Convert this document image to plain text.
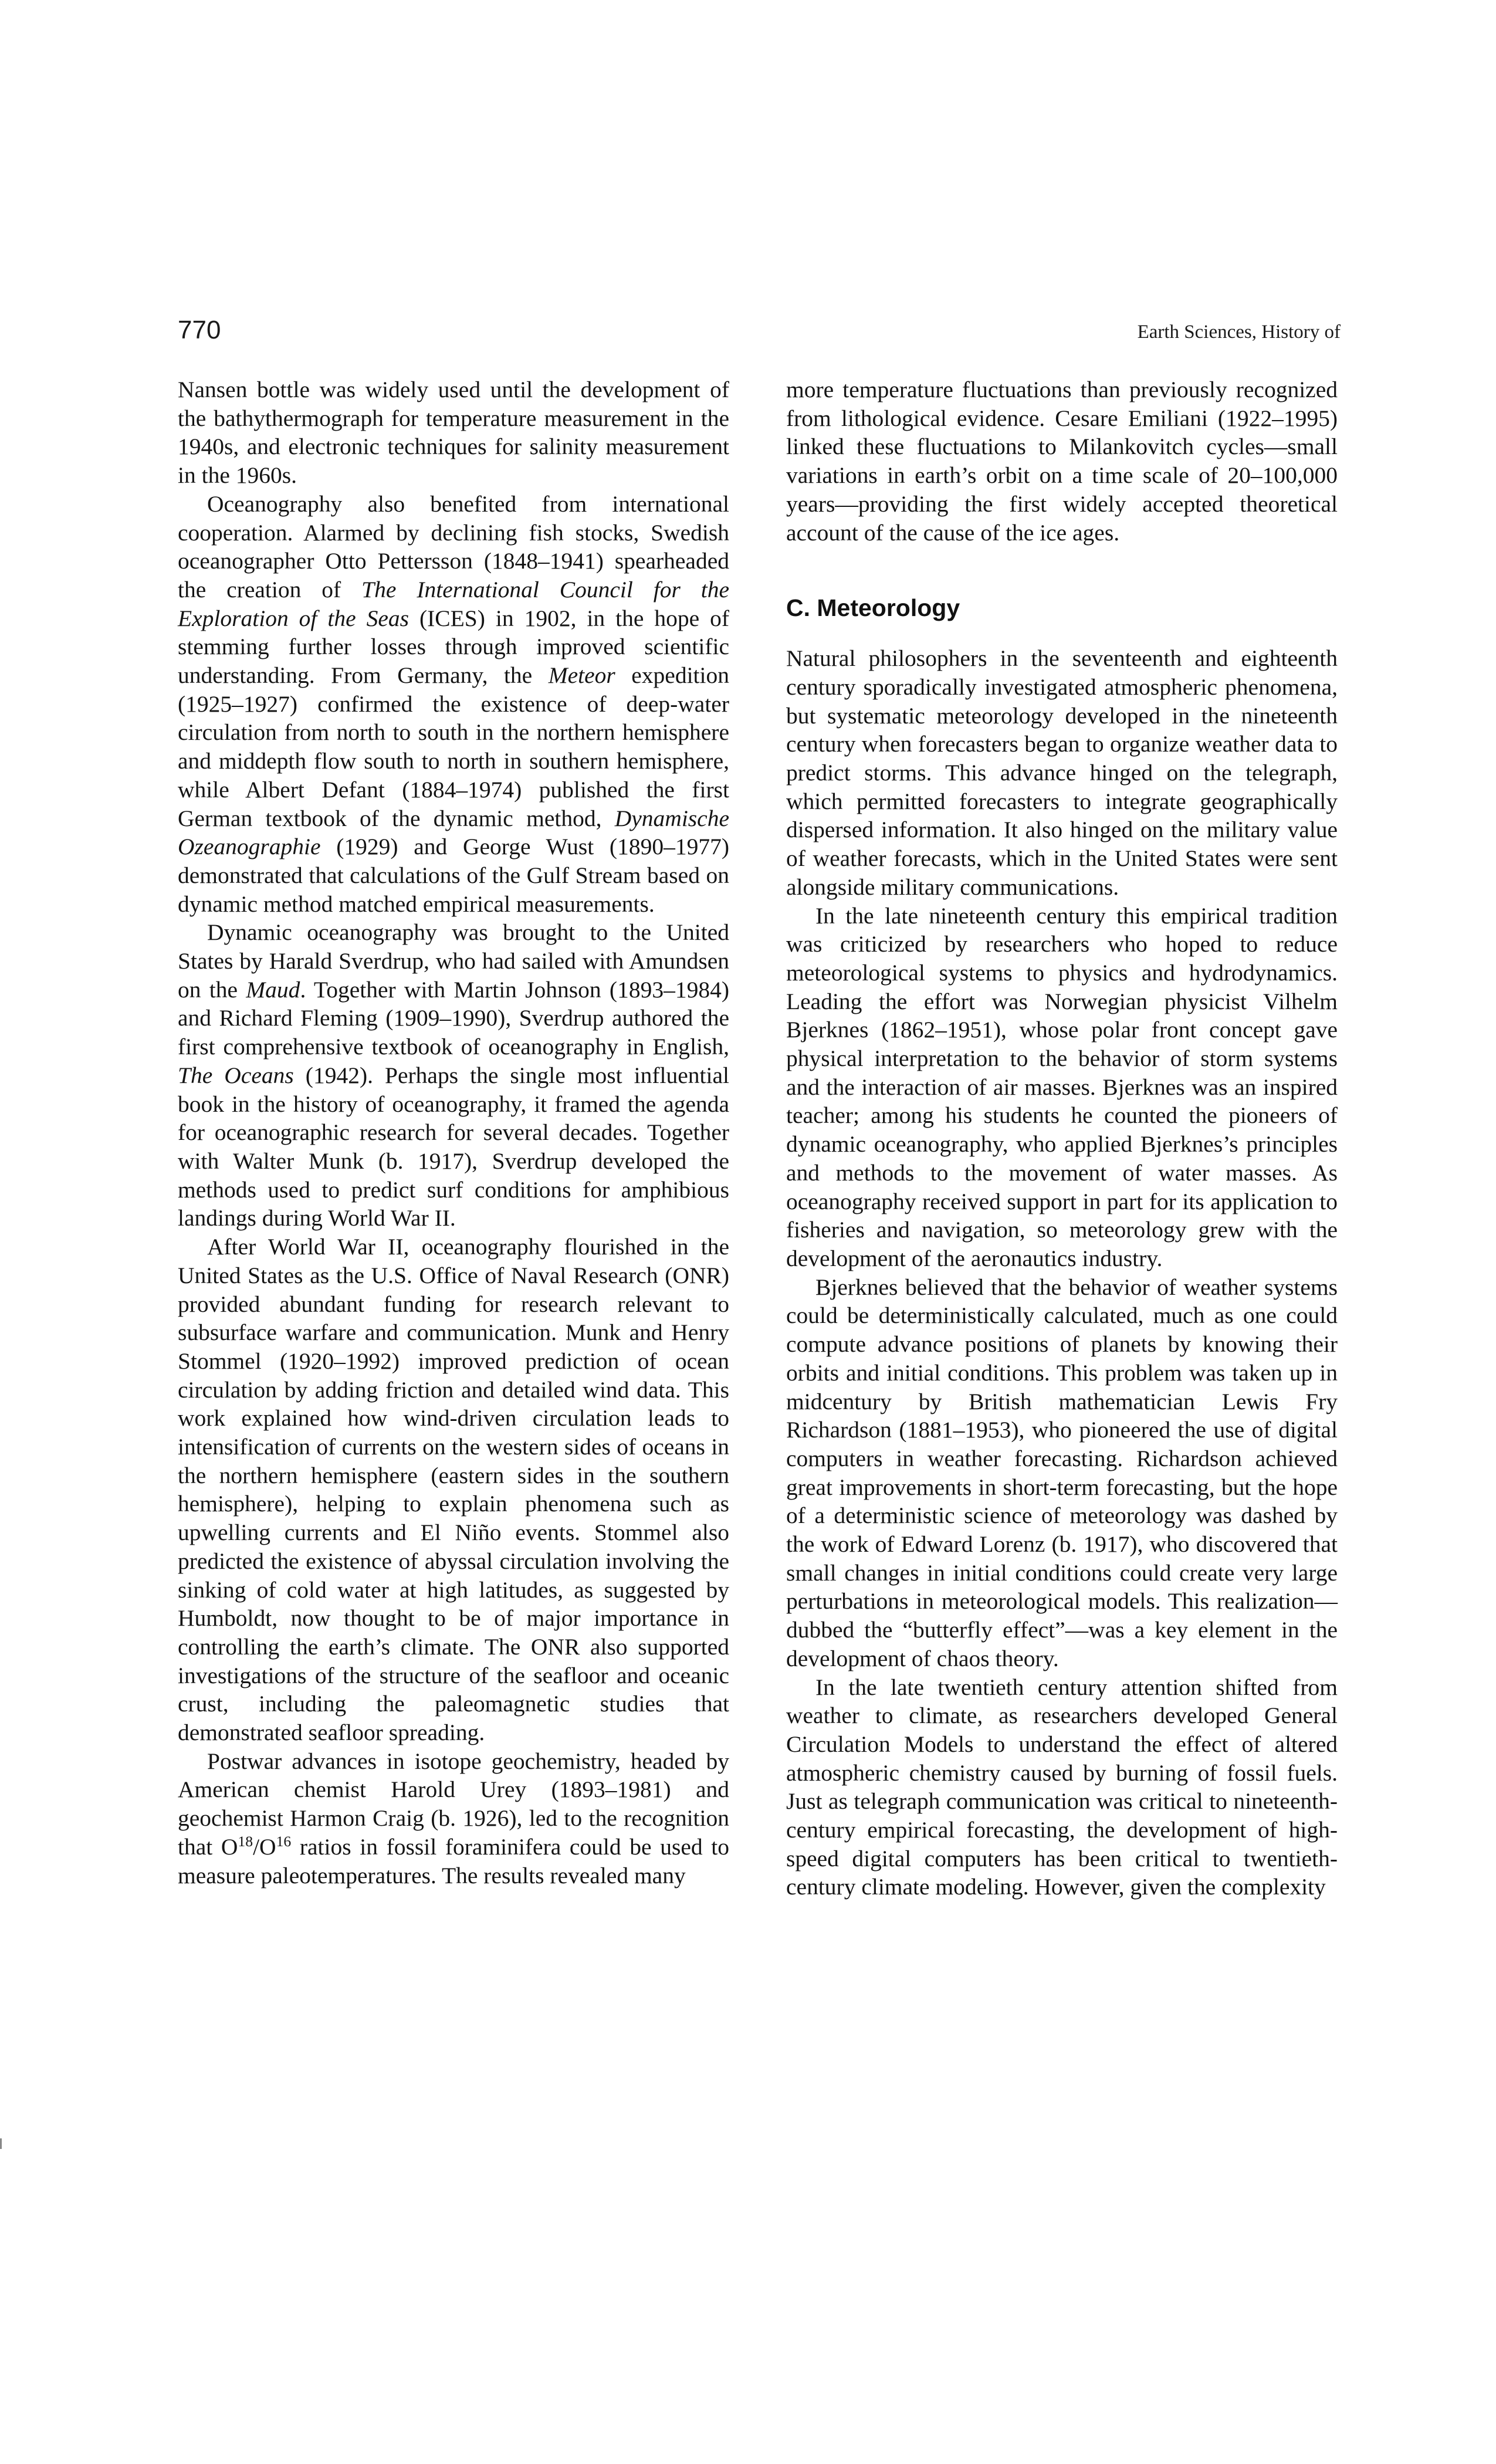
770	Earth Sciences, History of

Nansen bottle was widely used until the development of the bathythermograph for temperature measurement in the 1940s, and electronic techniques for salinity measurement in the 1960s.

Oceanography also benefited from international cooperation. Alarmed by declining fish stocks, Swedish oceanographer Otto Pettersson (1848–1941) spearheaded the creation of The International Council for the Exploration of the Seas (ICES) in 1902, in the hope of stemming further losses through improved scientific understanding. From Germany, the Meteor expedition (1925–1927) confirmed the existence of deep-water circulation from north to south in the northern hemisphere and middepth flow south to north in southern hemisphere, while Albert Defant (1884–1974) published the first German textbook of the dynamic method, Dynamische Ozeanographie (1929) and George Wust (1890–1977) demonstrated that calculations of the Gulf Stream based on dynamic method matched empirical measurements.

Dynamic oceanography was brought to the United States by Harald Sverdrup, who had sailed with Amundsen on the Maud. Together with Martin Johnson (1893–1984) and Richard Fleming (1909–1990), Sverdrup authored the first comprehensive textbook of oceanography in English, The Oceans (1942). Perhaps the single most influential book in the history of oceanography, it framed the agenda for oceanographic research for several decades. Together with Walter Munk (b. 1917), Sverdrup developed the methods used to predict surf conditions for amphibious landings during World War II.

After World War II, oceanography flourished in the United States as the U.S. Office of Naval Research (ONR) provided abundant funding for research relevant to subsurface warfare and communication. Munk and Henry Stommel (1920–1992) improved prediction of ocean circulation by adding friction and detailed wind data. This work explained how wind-driven circulation leads to intensification of currents on the western sides of oceans in the northern hemisphere (eastern sides in the southern hemisphere), helping to explain phenomena such as upwelling currents and El Niño events. Stommel also predicted the existence of abyssal circulation involving the sinking of cold water at high latitudes, as suggested by Humboldt, now thought to be of major importance in controlling the earth’s climate. The ONR also supported investigations of the structure of the seafloor and oceanic crust, including the paleomagnetic studies that demonstrated seafloor spreading.

Postwar advances in isotope geochemistry, headed by American chemist Harold Urey (1893–1981) and geochemist Harmon Craig (b. 1926), led to the recognition that $O^{18}/O^{16}$ ratios in fossil foraminifera could be used to measure paleotemperatures. The results revealed many

more temperature fluctuations than previously recognized from lithological evidence. Cesare Emiliani (1922–1995) linked these fluctuations to Milankovitch cycles—small variations in earth’s orbit on a time scale of 20–100,000 years—providing the first widely accepted theoretical account of the cause of the ice ages.

C. Meteorology

Natural philosophers in the seventeenth and eighteenth century sporadically investigated atmospheric phenomena, but systematic meteorology developed in the nineteenth century when forecasters began to organize weather data to predict storms. This advance hinged on the telegraph, which permitted forecasters to integrate geographically dispersed information. It also hinged on the military value of weather forecasts, which in the United States were sent alongside military communications.

In the late nineteenth century this empirical tradition was criticized by researchers who hoped to reduce meteorological systems to physics and hydrodynamics. Leading the effort was Norwegian physicist Vilhelm Bjerknes (1862–1951), whose polar front concept gave physical interpretation to the behavior of storm systems and the interaction of air masses. Bjerknes was an inspired teacher; among his students he counted the pioneers of dynamic oceanography, who applied Bjerknes’s principles and methods to the movement of water masses. As oceanography received support in part for its application to fisheries and navigation, so meteorology grew with the development of the aeronautics industry.

Bjerknes believed that the behavior of weather systems could be deterministically calculated, much as one could compute advance positions of planets by knowing their orbits and initial conditions. This problem was taken up in midcentury by British mathematician Lewis Fry Richardson (1881–1953), who pioneered the use of digital computers in weather forecasting. Richardson achieved great improvements in short-term forecasting, but the hope of a deterministic science of meteorology was dashed by the work of Edward Lorenz (b. 1917), who discovered that small changes in initial conditions could create very large perturbations in meteorological models. This realization—dubbed the “butterfly effect”—was a key element in the development of chaos theory.

In the late twentieth century attention shifted from weather to climate, as researchers developed General Circulation Models to understand the effect of altered atmospheric chemistry caused by burning of fossil fuels. Just as telegraph communication was critical to nineteenth-century empirical forecasting, the development of high-speed digital computers has been critical to twentieth-century climate modeling. However, given the complexity
